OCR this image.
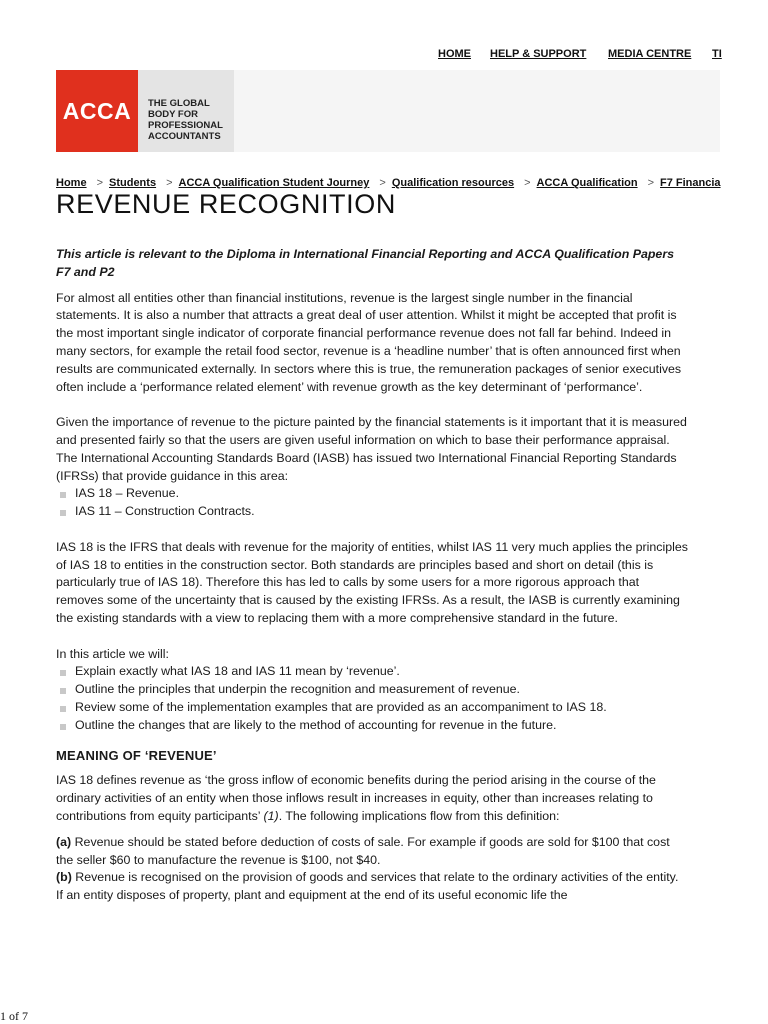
HOME HELP & SUPPORT MEDIA CENTRE TI
ACCA THE GLOBAL
BODY FOR
PROFESSIONAL
ACCOUNTANTS
Home > Students > ACCA Qualification Student Journey > Qualification resources > ACCA Qualification > F7 Financia
REVENUE RECOGNITION

This article is relevant to the Diploma in International Financial Reporting and ACCA Qualification Papers F7 and P2

For almost all entities other than financial institutions, revenue is the largest single number in the financial statements. It is also a number that attracts a great deal of user attention. Whilst it might be accepted that profit is the most important single indicator of corporate financial performance revenue does not fall far behind. Indeed in many sectors, for example the retail food sector, revenue is a ‘headline number’ that is often announced first when results are communicated externally. In sectors where this is true, the remuneration packages of senior executives often include a ‘performance related element’ with revenue growth as the key determinant of ‘performance’.

Given the importance of revenue to the picture painted by the financial statements is it important that it is measured and presented fairly so that the users are given useful information on which to base their performance appraisal. The International Accounting Standards Board (IASB) has issued two International Financial Reporting Standards (IFRSs) that provide guidance in this area:

IAS 18 – Revenue.
IAS 11 – Construction Contracts.

IAS 18 is the IFRS that deals with revenue for the majority of entities, whilst IAS 11 very much applies the principles of IAS 18 to entities in the construction sector. Both standards are principles based and short on detail (this is particularly true of IAS 18). Therefore this has led to calls by some users for a more rigorous approach that removes some of the uncertainty that is caused by the existing IFRSs. As a result, the IASB is currently examining the existing standards with a view to replacing them with a more comprehensive standard in the future.

In this article we will:

Explain exactly what IAS 18 and IAS 11 mean by ‘revenue’.
Outline the principles that underpin the recognition and measurement of revenue.
Review some of the implementation examples that are provided as an accompaniment to IAS 18.
Outline the changes that are likely to the method of accounting for revenue in the future.
MEANING OF ‘REVENUE’

IAS 18 defines revenue as ‘the gross inflow of economic benefits during the period arising in the course of the ordinary activities of an entity when those inflows result in increases in equity, other than increases relating to contributions from equity participants’ (1). The following implications flow from this definition:

(a) Revenue should be stated before deduction of costs of sale. For example if goods are sold for $100 that cost the seller $60 to manufacture the revenue is $100, not $40.

(b) Revenue is recognised on the provision of goods and services that relate to the ordinary activities of the entity. If an entity disposes of property, plant and equipment at the end of its useful economic life the

1 of 7
